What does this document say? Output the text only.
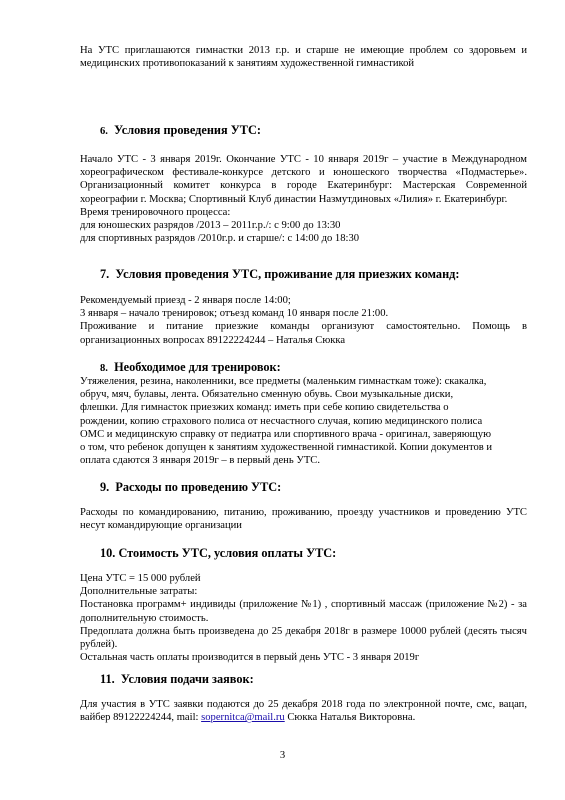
На УТС приглашаются гимнастки 2013 г.р. и старше не имеющие проблем со здоровьем и медицинских противопоказаний к занятиям художественной гимнастикой

6. Условия проведения УТС:

Начало УТС - 3 января 2019г. Окончание УТС - 10 января 2019г – участие в Международном хореографическом фестивале-конкурсе детского и юношеского творчества «Подмастерье». Организационный комитет конкурса в городе Екатеринбург: Мастерская Современной хореографии г. Москва; Спортивный Клуб династии Назмутдиновых «Лилия» г. Екатеринбург.

Время тренировочного процесса:

для юношеских разрядов /2013 – 2011г.р./: с 9:00 до 13:30

для спортивных разрядов /2010г.р. и старше/: с 14:00 до 18:30

7. Условия проведения УТС, проживание для приезжих команд:

Рекомендуемый приезд - 2 января после 14:00;

3 января – начало тренировок; отъезд команд 10 января после 21:00.

Проживание и питание приезжие команды организуют самостоятельно. Помощь в организационных вопросах 89122224244 – Наталья Сюкка

8. Необходимое для тренировок:

Утяжеления, резина, наколенники, все предметы (маленьким гимнасткам тоже): скакалка,

обруч, мяч, булавы, лента. Обязательно сменную обувь. Свои музыкальные диски,

флешки. Для гимнасток приезжих команд: иметь при себе копию свидетельства о

рождении, копию страхового полиса от несчастного случая, копию медицинского полиса

ОМС и медицинскую справку от педиатра или спортивного врача - оригинал, заверяющую

о том, что ребенок допущен к занятиям художественной гимнастикой. Копии документов и

оплата сдаются 3 января 2019г – в первый день УТС.

9. Расходы по проведению УТС:

Расходы по командированию, питанию, проживанию, проезду участников и проведению УТС несут командирующие организации

10. Стоимость УТС, условия оплаты УТС:

Цена УТС = 15 000 рублей

Дополнительные затраты:

Постановка программ+ индивиды (приложение №1) , спортивный массаж (приложение №2) - за дополнительную стоимость.

Предоплата должна быть произведена до 25 декабря 2018г в размере 10000 рублей (десять тысяч рублей).

Остальная часть оплаты производится в первый день УТС - 3 января 2019г

11. Условия подачи заявок:

Для участия в УТС заявки подаются до 25 декабря 2018 года по электронной почте, смс, вацап, вайбер 89122224244, mail: sopernitca@mail.ru Сюкка Наталья Викторовна.

3
